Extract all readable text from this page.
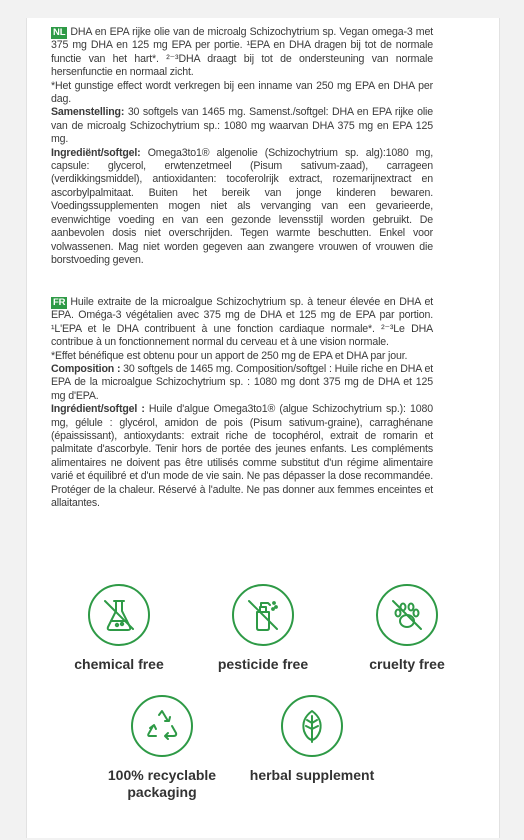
NL DHA en EPA rijke olie van de microalg Schizochytrium sp. Vegan omega-3 met 375 mg DHA en 125 mg EPA per portie. ¹EPA en DHA dragen bij tot de normale functie van het hart*. ²⁻³DHA draagt bij tot de ondersteuning van normale hersenfunctie en normaal zicht.

*Het gunstige effect wordt verkregen bij een inname van 250 mg EPA en DHA per dag.

Samenstelling: 30 softgels van 1465 mg. Samenst./softgel: DHA en EPA rijke olie van de microalg Schizochytrium sp.: 1080 mg waarvan DHA 375 mg en EPA 125 mg.

Ingrediënt/softgel: Omega3to1® algenolie (Schizochytrium sp. alg):1080 mg, capsule: glycerol, erwtenzetmeel (Pisum sativum-zaad), carrageen (verdikkingsmiddel), antioxidanten: tocoferolrijk extract, rozemarijnextract en ascorbylpalmitaat. Buiten het bereik van jonge kinderen bewaren. Voedingssupplementen mogen niet als vervanging van een gevarieerde, evenwichtige voeding en van een gezonde levensstijl worden gebruikt. De aanbevolen dosis niet overschrijden. Tegen warmte beschutten. Enkel voor volwassenen. Mag niet worden gegeven aan zwangere vrouwen of vrouwen die borstvoeding geven.

FR Huile extraite de la microalgue Schizochytrium sp. à teneur élevée en DHA et EPA. Oméga-3 végétalien avec 375 mg de DHA et 125 mg de EPA par portion. ¹L'EPA et le DHA contribuent à une fonction cardiaque normale*. ²⁻³Le DHA contribue à un fonctionnement normal du cerveau et à une vision normale.

*Effet bénéfique est obtenu pour un apport de 250 mg de EPA et DHA par jour.

Composition : 30 softgels de 1465 mg. Composition/softgel : Huile riche en DHA et EPA de la microalgue Schizochytrium sp. : 1080 mg dont 375 mg de DHA et 125 mg d'EPA.

Ingrédient/softgel : Huile d'algue Omega3to1® (algue Schizochytrium sp.): 1080 mg, gélule : glycérol, amidon de pois (Pisum sativum-graine), carraghénane (épaississant), antioxydants: extrait riche de tocophérol, extrait de romarin et palmitate d'ascorbyle. Tenir hors de portée des jeunes enfants. Les compléments alimentaires ne doivent pas être utilisés comme substitut d'un régime alimentaire varié et équilibré et d'un mode de vie sain. Ne pas dépasser la dose recommandée. Protéger de la chaleur. Réservé à l'adulte. Ne pas donner aux femmes enceintes et allaitantes.

chemical free	pesticide free	cruelty free
100% recyclable packaging
herbal supplement
